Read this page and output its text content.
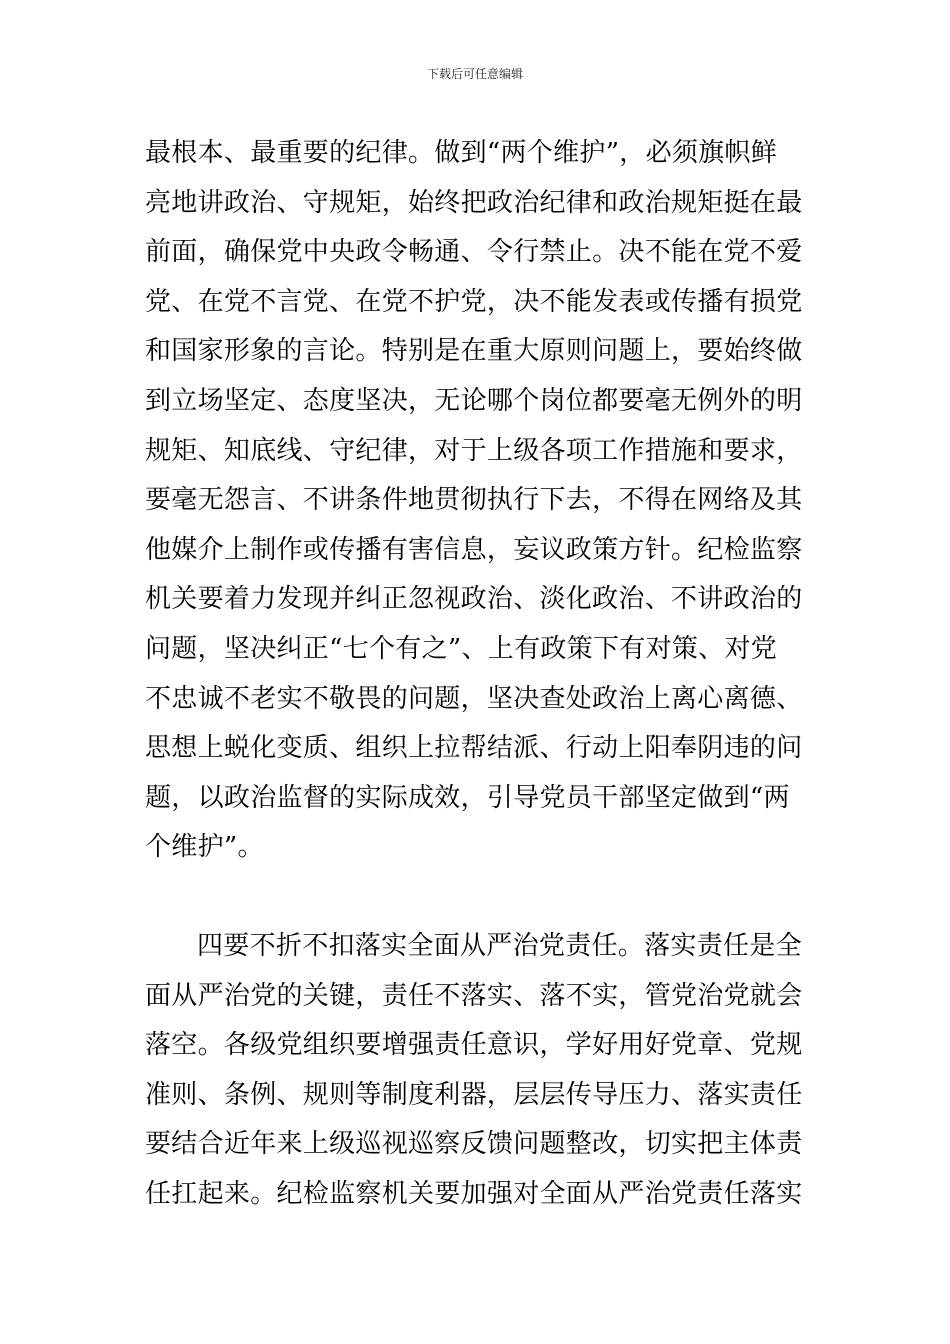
下载后可任意编辑
最根本、最重要的纪律。做到“两个维护”，必须旗帜鲜
亮地讲政治、守规矩，始终把政治纪律和政治规矩挺在最
前面，确保党中央政令畅通、令行禁止。决不能在党不爱
党、在党不言党、在党不护党，决不能发表或传播有损党
和国家形象的言论。特别是在重大原则问题上，要始终做
到立场坚定、态度坚决，无论哪个岗位都要毫无例外的明
规矩、知底线、守纪律，对于上级各项工作措施和要求，
要毫无怨言、不讲条件地贯彻执行下去，不得在网络及其
他媒介上制作或传播有害信息，妄议政策方针。纪检监察
机关要着力发现并纠正忽视政治、淡化政治、不讲政治的
问题，坚决纠正“七个有之”、上有政策下有对策、对党
不忠诚不老实不敬畏的问题，坚决查处政治上离心离德、
思想上蜕化变质、组织上拉帮结派、行动上阳奉阴违的问
题，以政治监督的实际成效，引导党员干部坚定做到“两
个维护”。
四要不折不扣落实全面从严治党责任。落实责任是全
面从严治党的关键，责任不落实、落不实，管党治党就会
落空。各级党组织要增强责任意识，学好用好党章、党规
准则、条例、规则等制度利器，层层传导压力、落实责任
要结合近年来上级巡视巡察反馈问题整改，切实把主体责
任扛起来。纪检监察机关要加强对全面从严治党责任落实
